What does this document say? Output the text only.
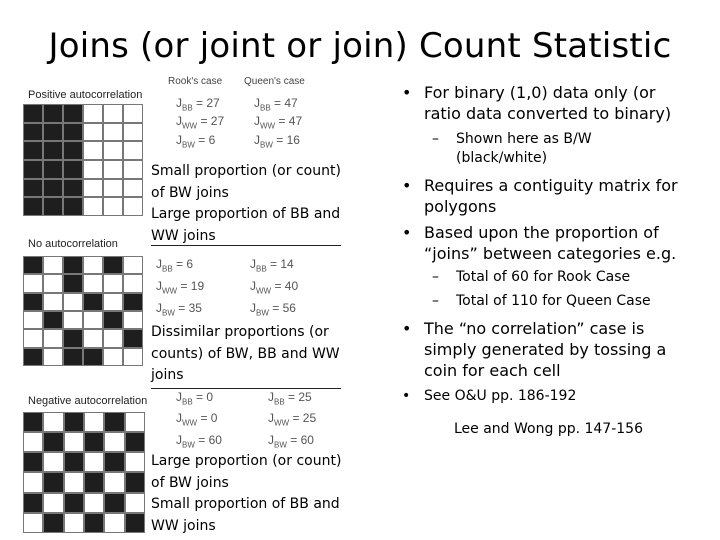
Joins (or joint or join) Count Statistic
Positive autocorrelation
Rook's case Queen's case
$J_{BB} = 27$
$J_{WW} = 27$
$J_{BW} = 6$
$J_{BB} = 47$
$J_{WW} = 47$
$J_{BW} = 16$
Small proportion (or count) of BW joins
Large proportion of BB and WW joins
No autocorrelation
$J_{BB} = 6$
$J_{WW} = 19$
$J_{BW} = 35$
$J_{BB} = 14$
$J_{WW} = 40$
$J_{BW} = 56$
Dissimilar proportions (or counts) of BW, BB and WW joins
Negative autocorrelation $J_{BB} = 0$
$J_{WW} = 0$
$J_{BW} = 60$
$J_{BB} = 25$
$J_{WW} = 25$
$J_{BW} = 60$
Large proportion (or count) of BW joins
Small proportion of BB and WW joins
• For binary (1,0) data only (or ratio data converted to binary)
– Shown here as B/W (black/white)
• Requires a contiguity matrix for polygons
• Based upon the proportion of “joins” between categories e.g.
– Total of 60 for Rook Case
– Total of 110 for Queen Case
• The “no correlation” case is simply generated by tossing a coin for each cell
• See O&U pp. 186-192
Lee and Wong pp. 147-156
